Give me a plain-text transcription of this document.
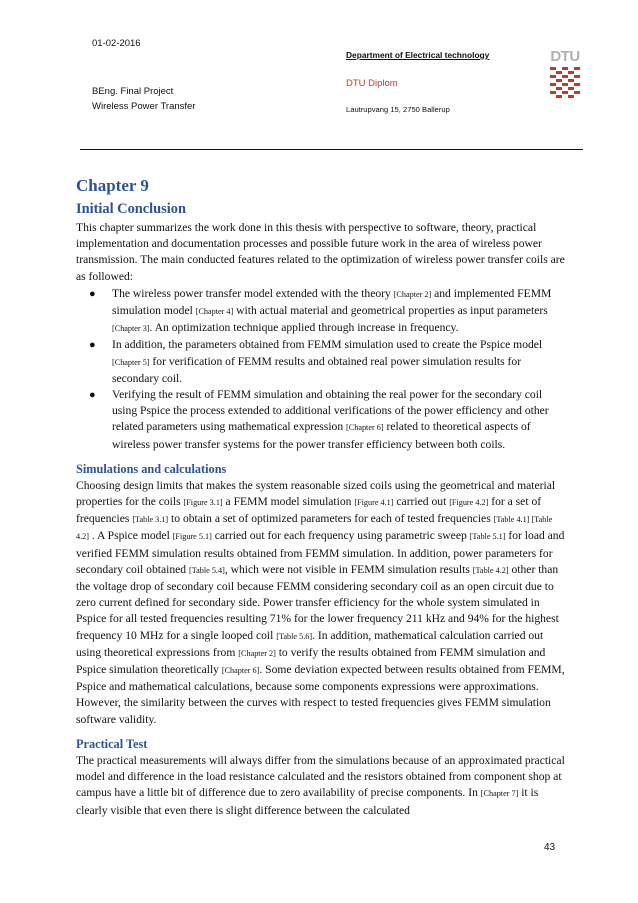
01-02-2016
BEng. Final Project
Wireless Power Transfer
Department of Electrical technology
DTU Diplom
Lautrupvang 15, 2750 Ballerup
DTU
Chapter 9
Initial Conclusion

This chapter summarizes the work done in this thesis with perspective to software, theory, practical implementation and documentation processes and possible future work in the area of wireless power transmission. The main conducted features related to the optimization of wireless power transfer coils are as followed:

● The wireless power transfer model extended with the theory [Chapter 2] and implemented FEMM simulation model [Chapter 4] with actual material and geometrical properties as input parameters [Chapter 3]. An optimization technique applied through increase in frequency.
● In addition, the parameters obtained from FEMM simulation used to create the Pspice model [Chapter 5] for verification of FEMM results and obtained real power simulation results for secondary coil.
● Verifying the result of FEMM simulation and obtaining the real power for the secondary coil using Pspice the process extended to additional verifications of the power efficiency and other related parameters using mathematical expression [Chapter 6] related to theoretical aspects of wireless power transfer systems for the power transfer efficiency between both coils.
Simulations and calculations

Choosing design limits that makes the system reasonable sized coils using the geometrical and material properties for the coils [Figure 3.1] a FEMM model simulation [Figure 4.1] carried out [Figure 4.2] for a set of frequencies [Table 3.1] to obtain a set of optimized parameters for each of tested frequencies [Table 4.1] [Table 4.2] . A Pspice model [Figure 5.1] carried out for each frequency using parametric sweep [Table 5.1] for load and verified FEMM simulation results obtained from FEMM simulation. In addition, power parameters for secondary coil obtained [Table 5.4], which were not visible in FEMM simulation results [Table 4.2] other than the voltage drop of secondary coil because FEMM considering secondary coil as an open circuit due to zero current defined for secondary side. Power transfer efficiency for the whole system simulated in Pspice for all tested frequencies resulting 71% for the lower frequency 211 kHz and 94% for the highest frequency 10 MHz for a single looped coil [Table 5.6]. In addition, mathematical calculation carried out using theoretical expressions from [Chapter 2] to verify the results obtained from FEMM simulation and Pspice simulation theoretically [Chapter 6]. Some deviation expected between results obtained from FEMM, Pspice and mathematical calculations, because some components expressions were approximations. However, the similarity between the curves with respect to tested frequencies gives FEMM simulation software validity.

Practical Test

The practical measurements will always differ from the simulations because of an approximated practical model and difference in the load resistance calculated and the resistors obtained from component shop at campus have a little bit of difference due to zero availability of precise components. In [Chapter 7] it is clearly visible that even there is slight difference between the calculated

43
